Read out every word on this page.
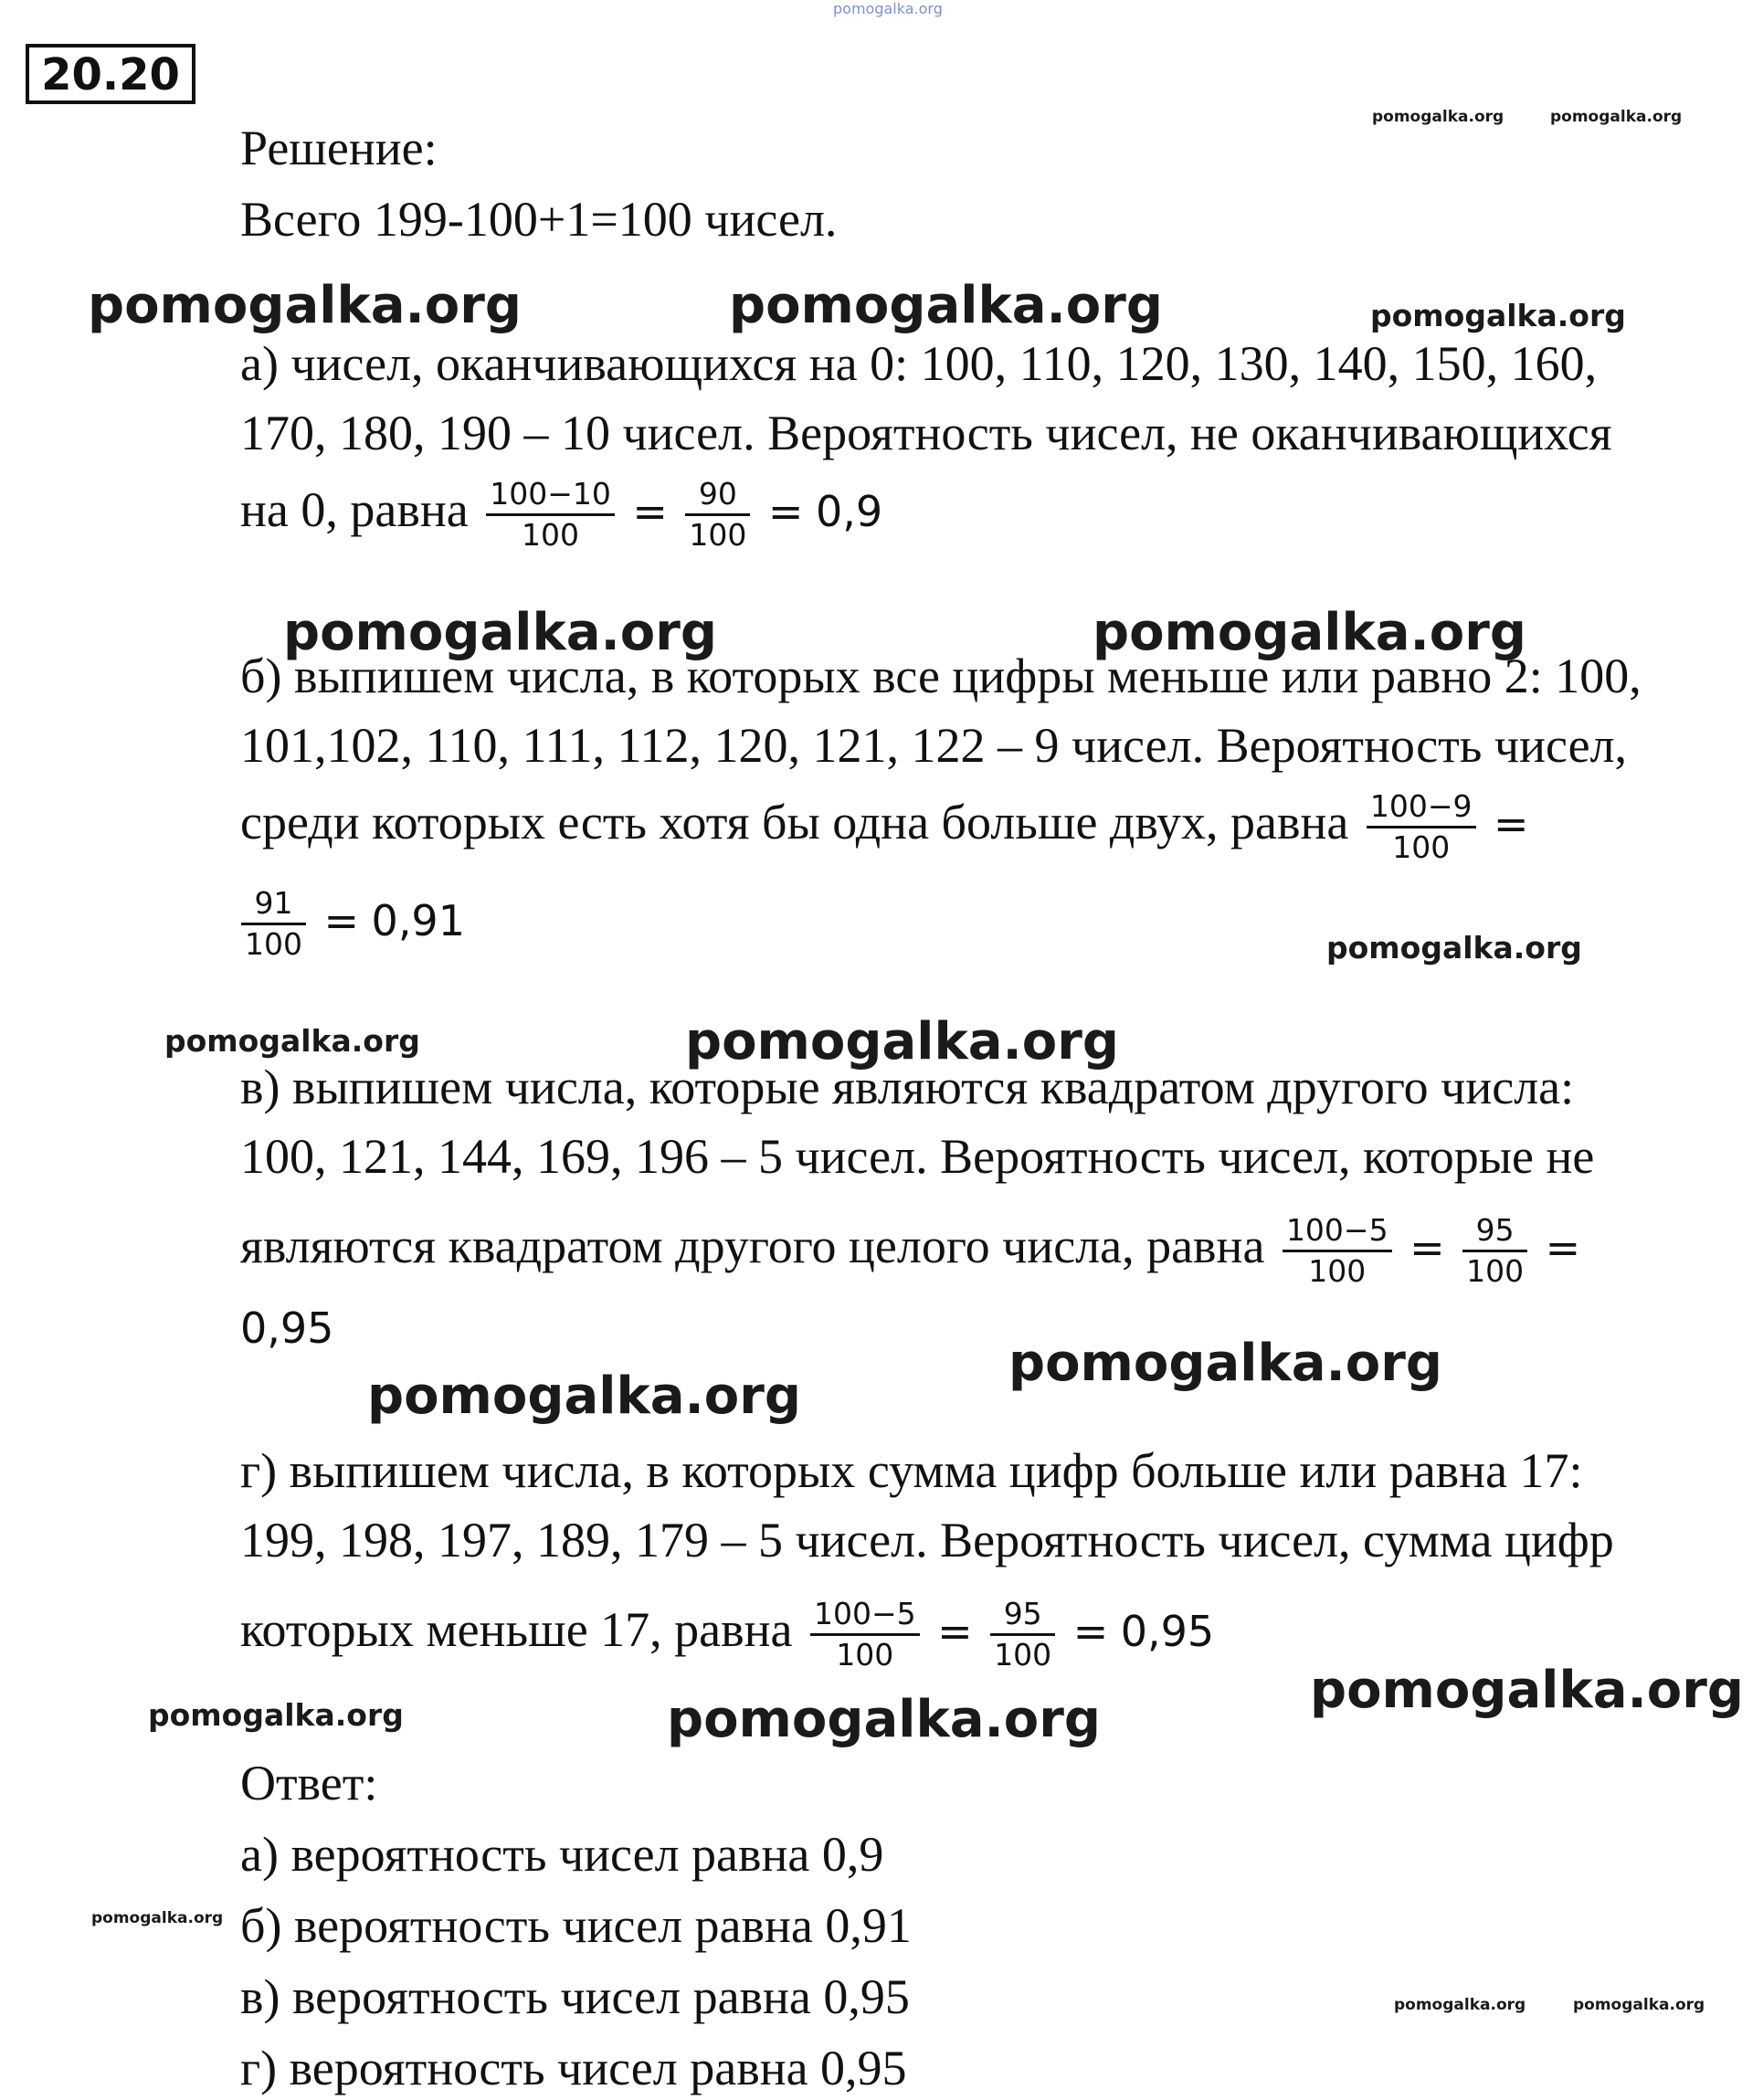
pomogalka.org
pomogalka.org	pomogalka.org
pomogalka.org	pomogalka.org	pomogalka.org
pomogalka.org	pomogalka.org
pomogalka.org
pomogalka.org	pomogalka.org
pomogalka.org
pomogalka.org
pomogalka.org
pomogalka.org	pomogalka.org
pomogalka.org
pomogalka.org	pomogalka.org
20.20
Решение:
Всего 199-100+1=100 чисел.
а) чисел, оканчивающихся на 0: 100, 110, 120, 130, 140, 150, 160,
170, 180, 190 – 10 чисел. Вероятность чисел, не оканчивающихся
на 0, равна $\frac{100-10}{100} = \frac{90}{100} = 0,9$
б) выпишем числа, в которых все цифры меньше или равно 2: 100,
101,102, 110, 111, 112, 120, 121, 122 – 9 чисел. Вероятность чисел,
среди которых есть хотя бы одна больше двух, равна $\frac{100-9}{100}$ =
$\frac{91}{100} = 0,91$
в) выпишем числа, которые являются квадратом другого числа:
100, 121, 144, 169, 196 – 5 чисел. Вероятность чисел, которые не
являются квадратом другого целого числа, равна $\frac{100-5}{100} = \frac{95}{100}$ =
0,95
г) выпишем числа, в которых сумма цифр больше или равна 17:
199, 198, 197, 189, 179 – 5 чисел. Вероятность чисел, сумма цифр
которых меньше 17, равна $\frac{100-5}{100} = \frac{95}{100} = 0,95$
Ответ:
а) вероятность чисел равна 0,9
б) вероятность чисел равна 0,91
в) вероятность чисел равна 0,95
г) вероятность чисел равна 0,95
